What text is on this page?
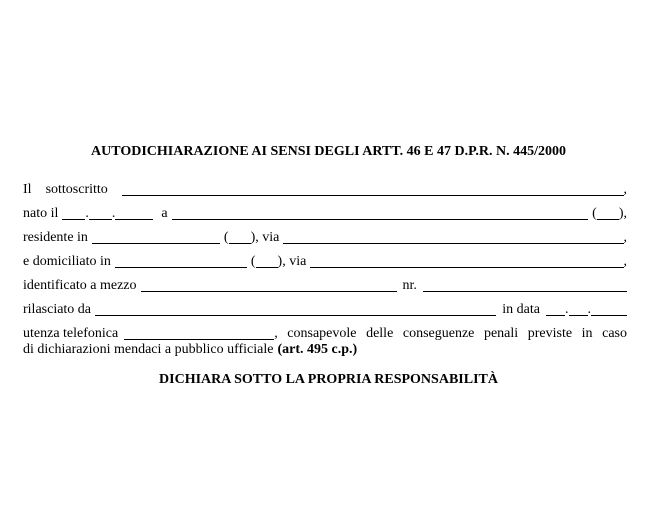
AUTODICHIARAZIONE AI SENSI DEGLI ARTT. 46 E 47 D.P.R. N. 445/2000
Il sottoscritto	,
nato il . .	a	( ),
residente in	( ), via	,
e domiciliato in	( ), via	,
identificato a mezzo	nr.
rilasciato da	in data . .
utenza telefonica	, consapevole delle conseguenze penali previste in caso
di dichiarazioni mendaci a pubblico ufficiale (art. 495 c.p.)
DICHIARA SOTTO LA PROPRIA RESPONSABILITÀ
